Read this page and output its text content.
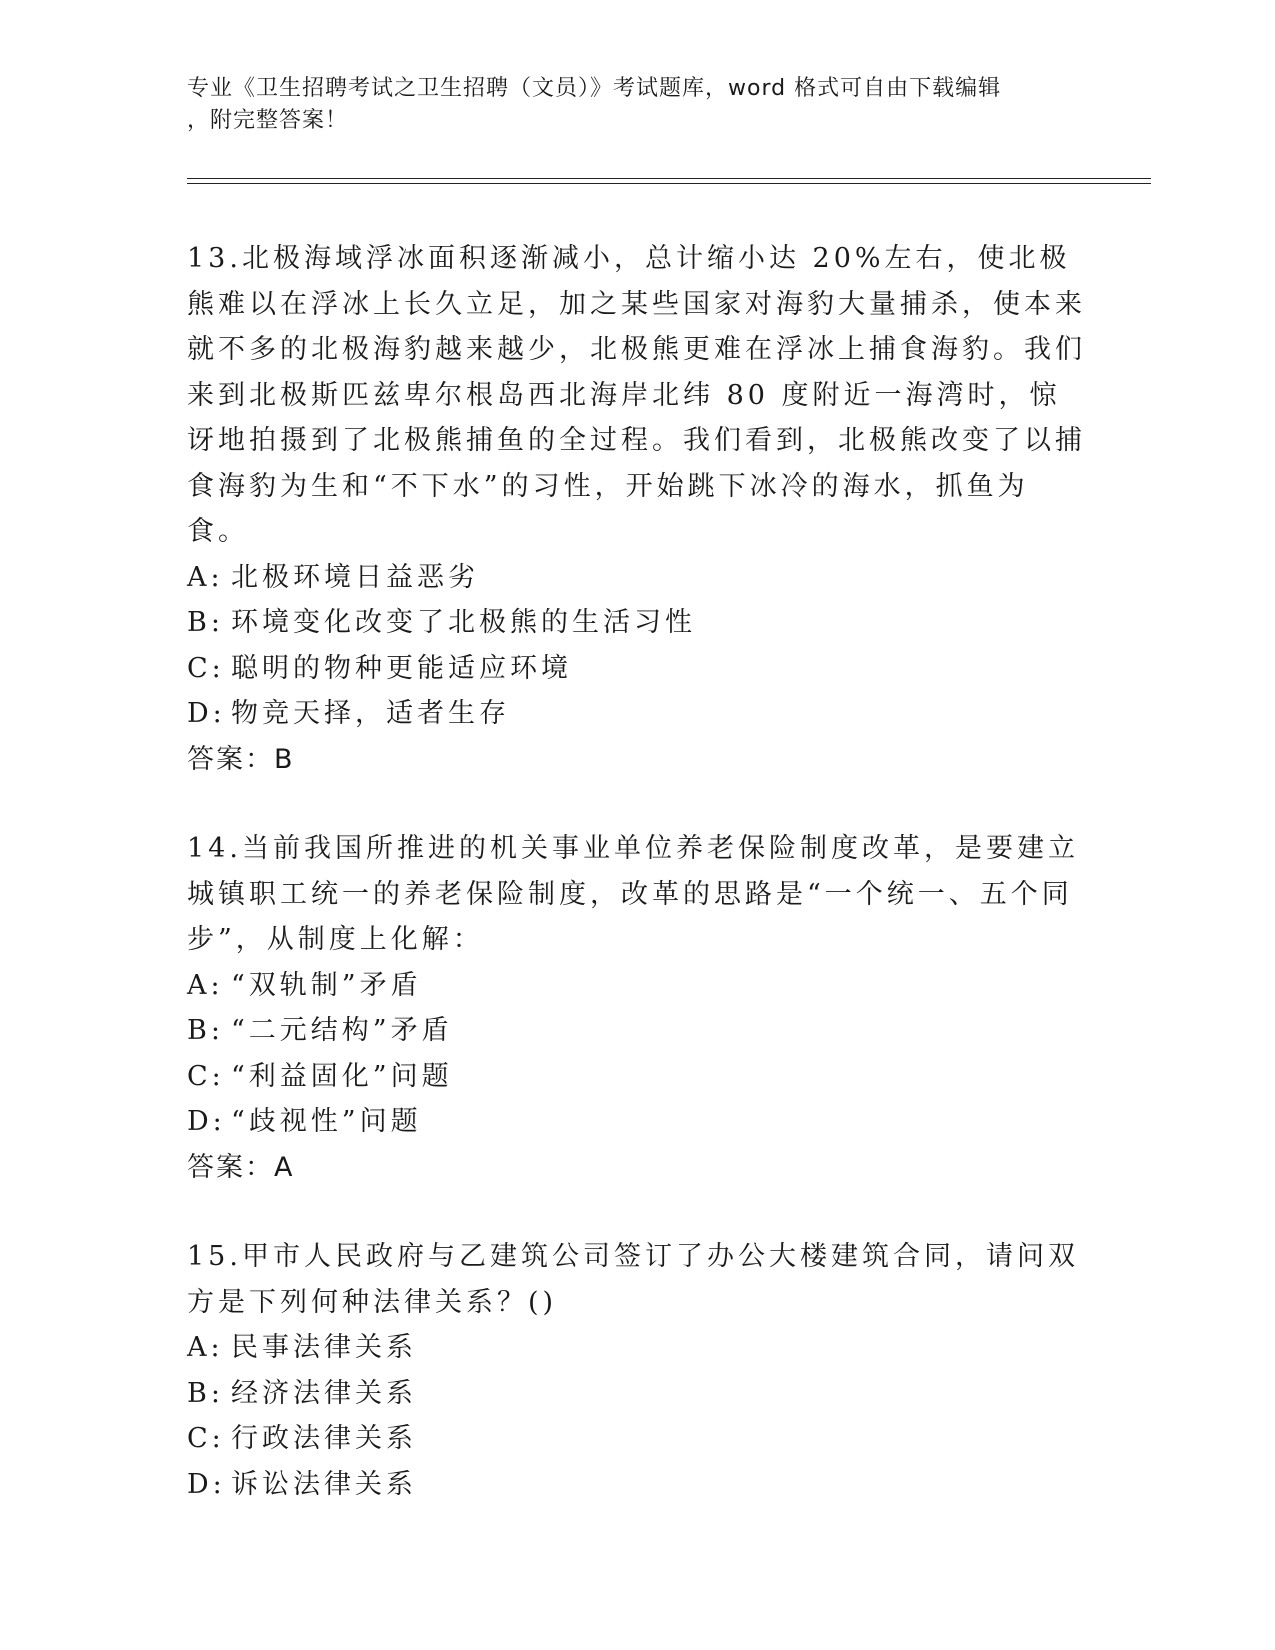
专业《卫生招聘考试之卫生招聘（文员）》考试题库，word 格式可自由下载编辑
，附完整答案！

13.北极海域浮冰面积逐渐减小，总计缩小达 20%左右，使北极熊难以在浮冰上长久立足，加之某些国家对海豹大量捕杀，使本来就不多的北极海豹越来越少，北极熊更难在浮冰上捕食海豹。我们来到北极斯匹兹卑尔根岛西北海岸北纬 80 度附近一海湾时，惊讶地拍摄到了北极熊捕鱼的全过程。我们看到，北极熊改变了以捕食海豹为生和“不下水”的习性，开始跳下冰冷的海水，抓鱼为食。

A: 北极环境日益恶劣
B: 环境变化改变了北极熊的生活习性
C: 聪明的物种更能适应环境
D: 物竞天择，适者生存

答案：B

14.当前我国所推进的机关事业单位养老保险制度改革，是要建立城镇职工统一的养老保险制度，改革的思路是“一个统一、五个同步”，从制度上化解：

A: “双轨制”矛盾
B: “二元结构”矛盾
C: “利益固化”问题
D: “歧视性”问题

答案：A

15.甲市人民政府与乙建筑公司签订了办公大楼建筑合同，请问双方是下列何种法律关系？()

A: 民事法律关系
B: 经济法律关系
C: 行政法律关系
D: 诉讼法律关系
